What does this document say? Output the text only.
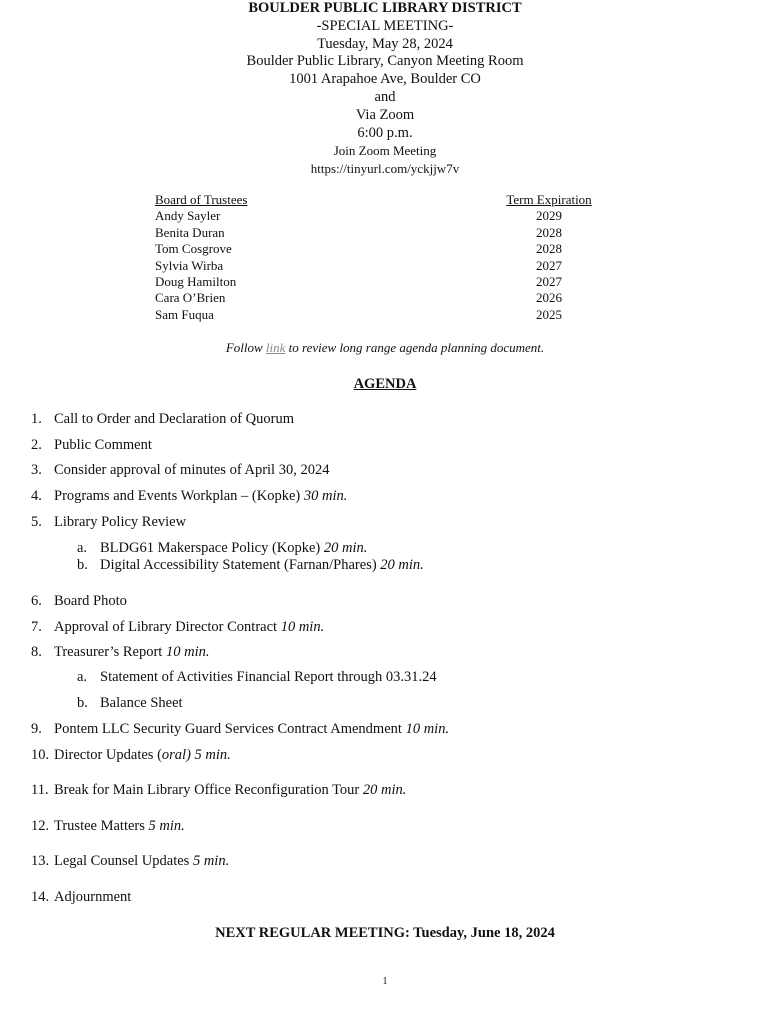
BOULDER PUBLIC LIBRARY DISTRICT
-SPECIAL MEETING-
Tuesday, May 28, 2024
Boulder Public Library, Canyon Meeting Room
1001 Arapahoe Ave, Boulder CO
and
Via Zoom
6:00 p.m.
Join Zoom Meeting
https://tinyurl.com/yckjjw7v
Board of Trustees	Term Expiration
Andy Sayler	2029
Benita Duran	2028
Tom Cosgrove	2028
Sylvia Wirba	2027
Doug Hamilton	2027
Cara O’Brien	2026
Sam Fuqua	2025
Follow link to review long range agenda planning document.
AGENDA
1. Call to Order and Declaration of Quorum
2. Public Comment
3. Consider approval of minutes of April 30, 2024
4. Programs and Events Workplan – (Kopke) 30 min.
5. Library Policy Review
a. BLDG61 Makerspace Policy (Kopke) 20 min.
b. Digital Accessibility Statement (Farnan/Phares) 20 min.
6. Board Photo
7. Approval of Library Director Contract 10 min.
8. Treasurer’s Report 10 min.
a. Statement of Activities Financial Report through 03.31.24
b. Balance Sheet
9. Pontem LLC Security Guard Services Contract Amendment 10 min.
10. Director Updates (oral) 5 min.
11. Break for Main Library Office Reconfiguration Tour 20 min.
12. Trustee Matters 5 min.
13. Legal Counsel Updates 5 min.
14. Adjournment
NEXT REGULAR MEETING: Tuesday, June 18, 2024
1
